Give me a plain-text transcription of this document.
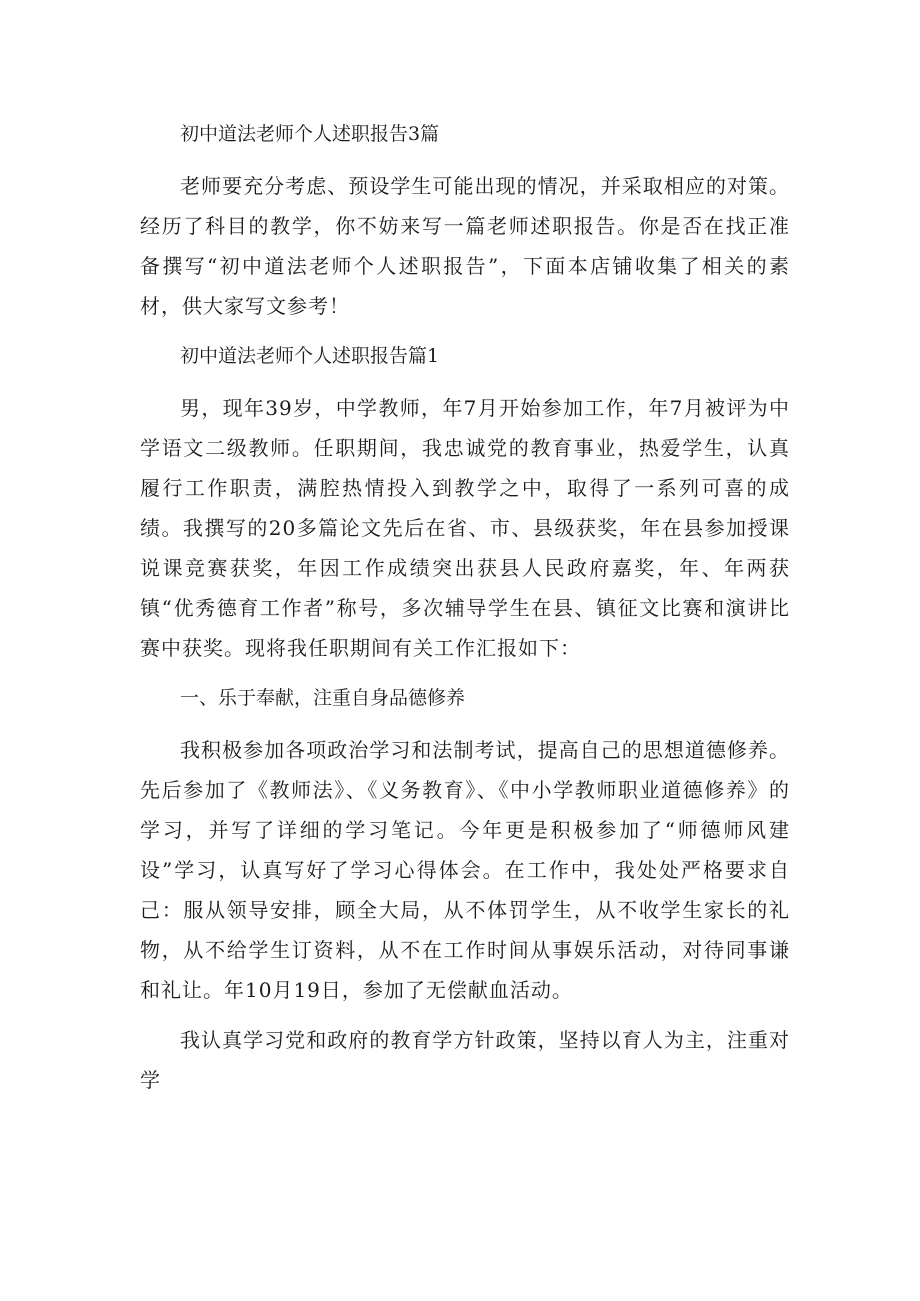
初中道法老师个人述职报告3篇

老师要充分考虑、预设学生可能出现的情况，并采取相应的对策。经历了科目的教学，你不妨来写一篇老师述职报告。你是否在找正准备撰写“初中道法老师个人述职报告”，下面本店铺收集了相关的素材，供大家写文参考！

初中道法老师个人述职报告篇1

男，现年39岁，中学教师，年7月开始参加工作，年7月被评为中学语文二级教师。任职期间，我忠诚党的教育事业，热爱学生，认真履行工作职责，满腔热情投入到教学之中，取得了一系列可喜的成绩。我撰写的20多篇论文先后在省、市、县级获奖，年在县参加授课说课竞赛获奖，年因工作成绩突出获县人民政府嘉奖，年、年两获镇“优秀德育工作者”称号，多次辅导学生在县、镇征文比赛和演讲比赛中获奖。现将我任职期间有关工作汇报如下：

一、乐于奉献，注重自身品德修养

我积极参加各项政治学习和法制考试，提高自己的思想道德修养。先后参加了《教师法》、《义务教育》、《中小学教师职业道德修养》的学习，并写了详细的学习笔记。今年更是积极参加了“师德师风建设”学习，认真写好了学习心得体会。在工作中，我处处严格要求自己：服从领导安排，顾全大局，从不体罚学生，从不收学生家长的礼物，从不给学生订资料，从不在工作时间从事娱乐活动，对待同事谦和礼让。年10月19日，参加了无偿献血活动。

我认真学习党和政府的教育学方针政策，坚持以育人为主，注重对学
